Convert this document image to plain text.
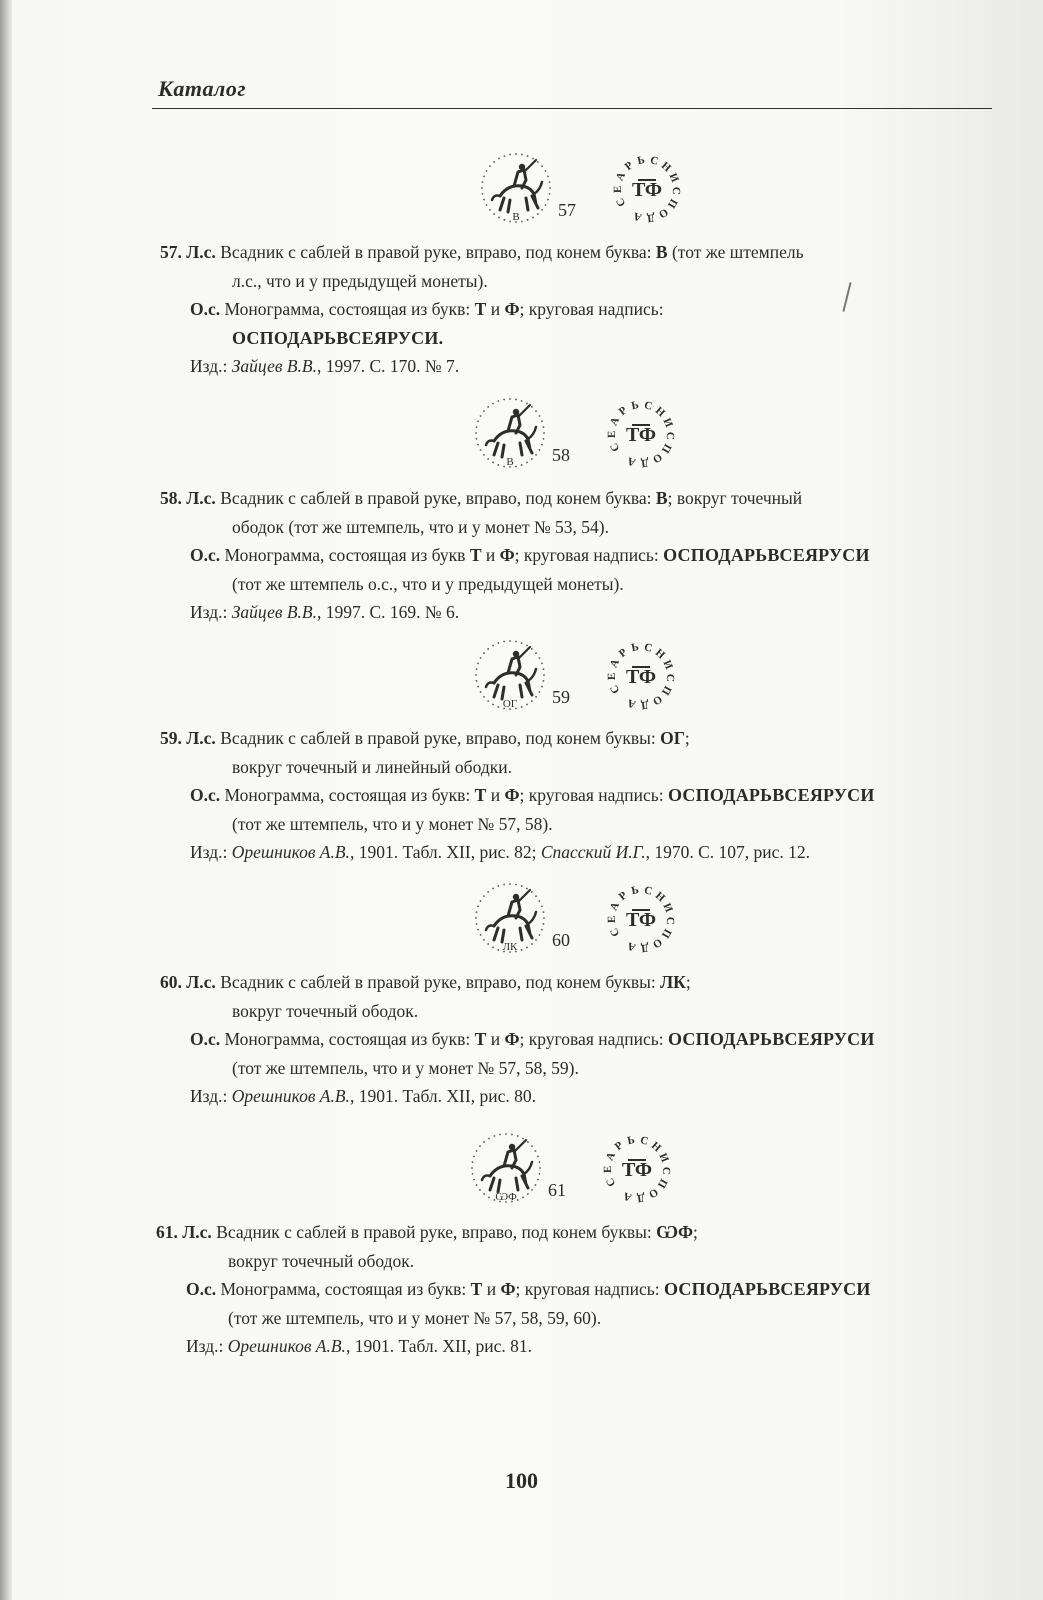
Каталог
В 57	С
Е
А
Р Ь С Н
И
С
П
О
Д
А
ТФ
В 58	С
Е
А
Р Ь С Н
И
С
П
О
Д
А
ТФ
ОГ 59	С
Е
А
Р Ь С Н
И
С
П
О
Д
А
ТФ
ЛК 60	С
Е
А
Р Ь С Н
И
С
П
О
Д
А
ТФ
ѠФ 61	С
Е
А
Р Ь С Н
И
С
П
О
Д
А
ТФ
57. Л.с. Всадник с саблей в правой руке, вправо, под конем буква: В (тот же штемпель
л.с., что и у предыдущей монеты).
О.с. Монограмма, состоящая из букв: Т и Ф; круговая надпись:
ОСПОДАРЬВСЕЯРУСИ.
Изд.: Зайцев В.В., 1997. С. 170. № 7.
58. Л.с. Всадник с саблей в правой руке, вправо, под конем буква: В; вокруг точечный
ободок (тот же штемпель, что и у монет № 53, 54).
О.с. Монограмма, состоящая из букв Т и Ф; круговая надпись: ОСПОДАРЬВСЕЯРУСИ
(тот же штемпель о.с., что и у предыдущей монеты).
Изд.: Зайцев В.В., 1997. С. 169. № 6.
59. Л.с. Всадник с саблей в правой руке, вправо, под конем буквы: ОГ;
вокруг точечный и линейный ободки.
О.с. Монограмма, состоящая из букв: Т и Ф; круговая надпись: ОСПОДАРЬВСЕЯРУСИ
(тот же штемпель, что и у монет № 57, 58).
Изд.: Орешников А.В., 1901. Табл. XII, рис. 82; Спасский И.Г., 1970. С. 107, рис. 12.
60. Л.с. Всадник с саблей в правой руке, вправо, под конем буквы: ЛК;
вокруг точечный ободок.
О.с. Монограмма, состоящая из букв: Т и Ф; круговая надпись: ОСПОДАРЬВСЕЯРУСИ
(тот же штемпель, что и у монет № 57, 58, 59).
Изд.: Орешников А.В., 1901. Табл. XII, рис. 80.
61. Л.с. Всадник с саблей в правой руке, вправо, под конем буквы: ѠФ;
вокруг точечный ободок.
О.с. Монограмма, состоящая из букв: Т и Ф; круговая надпись: ОСПОДАРЬВСЕЯРУСИ
(тот же штемпель, что и у монет № 57, 58, 59, 60).
Изд.: Орешников А.В., 1901. Табл. XII, рис. 81.
100
